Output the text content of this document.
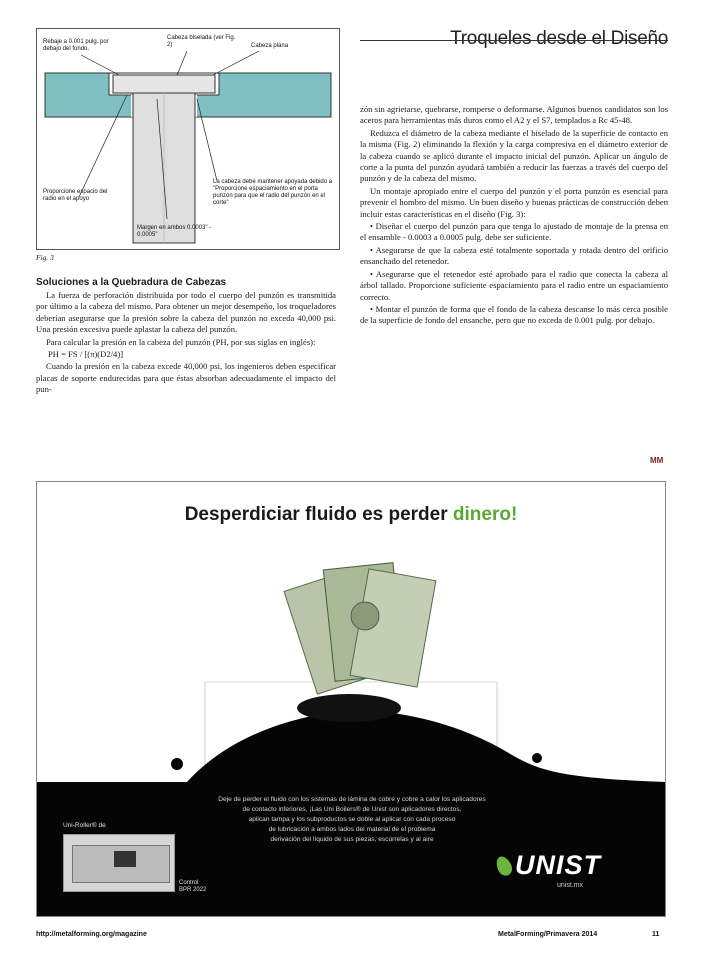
Troqueles desde el Diseño
Rebaje a 0.001 pulg. por debajo del fondo.
Cabeza biselada (ver Fig. 2)	Cabeza plana
Proporcione espacio del radio en el apoyo
Margen en ambos 0.0003" - 0.0005"
La cabeza debe mantener apoyada debido a "Proporcione espaciamiento en el porta punzón para que el radio del punzón en el corte"
Fig. 3
Soluciones a la Quebradura de Cabezas

La fuerza de perforación distribuida por todo el cuerpo del punzón es transmitida por último a la cabeza del mismo. Para obtener un mejor desempeño, los troqueladores deberían asegurarse que la presión sobre la cabeza del punzón no exceda 40,000 psi. Una presión excesiva puede aplastar la cabeza del punzón.

Para calcular la presión en la cabeza del punzón (PH, por sus siglas en inglés):

PH = FS / [(π)(D2/4)]

Cuando la presión en la cabeza excede 40,000 psi, los ingenieros deben especificar placas de soporte endurecidas para que éstas absorban adecuadamente el impacto del pun-

zón sin agrietarse, quebrarse, romperse o deformarse. Algunos buenos candidatos son los aceros para herramientas más duros como el A2 y el S7, templados a Rc 45-48.

Reduzca el diámetro de la cabeza mediante el biselado de la superficie de contacto en la misma (Fig. 2) eliminando la flexión y la carga compresiva en el diámetro exterior de la cabeza cuando se aplicó durante el impacto inicial del punzón. Aplicar un ángulo de corte a la punta del punzón ayudará también a reducir las fuerzas a través del cuerpo del punzón y de la cabeza del mismo.

Un montaje apropiado entre el cuerpo del punzón y el porta punzón es esencial para prevenir el hombro del mismo. Un buen diseño y buenas prácticas de construcción deben incluir estas características en el diseño (Fig. 3):

• Diseñar el cuerpo del punzón para que tenga lo ajustado de montaje de la prensa en el ensamble - 0.0003 a 0.0005 pulg. debe ser suficiente.

• Asegurarse de que la cabeza esté totalmente soportada y rotada dentro del orificio ensanchado del retenedor.

• Asegurarse que el retenedor esté aprobado para el radio que conecta la cabeza al árbol tallado. Proporcione suficiente espaciamiento para el radio entre un espaciamiento correcto.

• Montar el punzón de forma que el fondo de la cabeza descanse lo más cerca posible de la superficie de fondo del ensanche, pero que no exceda de 0.001 pulg. por debajo.

MM
Desperdiciar fluido es perder dinero!
Deje de perder el fluido con los sistemas de lámina de cobre y cobre a calor los aplicadores
de contacto inferiores, ¡Las Uni Boilers® de Unist son aplicadores directos,
aplican tampa y los subproductos se doble al aplicar con cada proceso
de lubricación a ambos lados del material de el problema
derivación del líquido de sus piezas, escúrrelas y al aire
Uni-Roller® de
Control
BPR 2022
UNIST
unist.mx
http://metalforming.org/magazine	MetalForming/Primavera 2014	11
